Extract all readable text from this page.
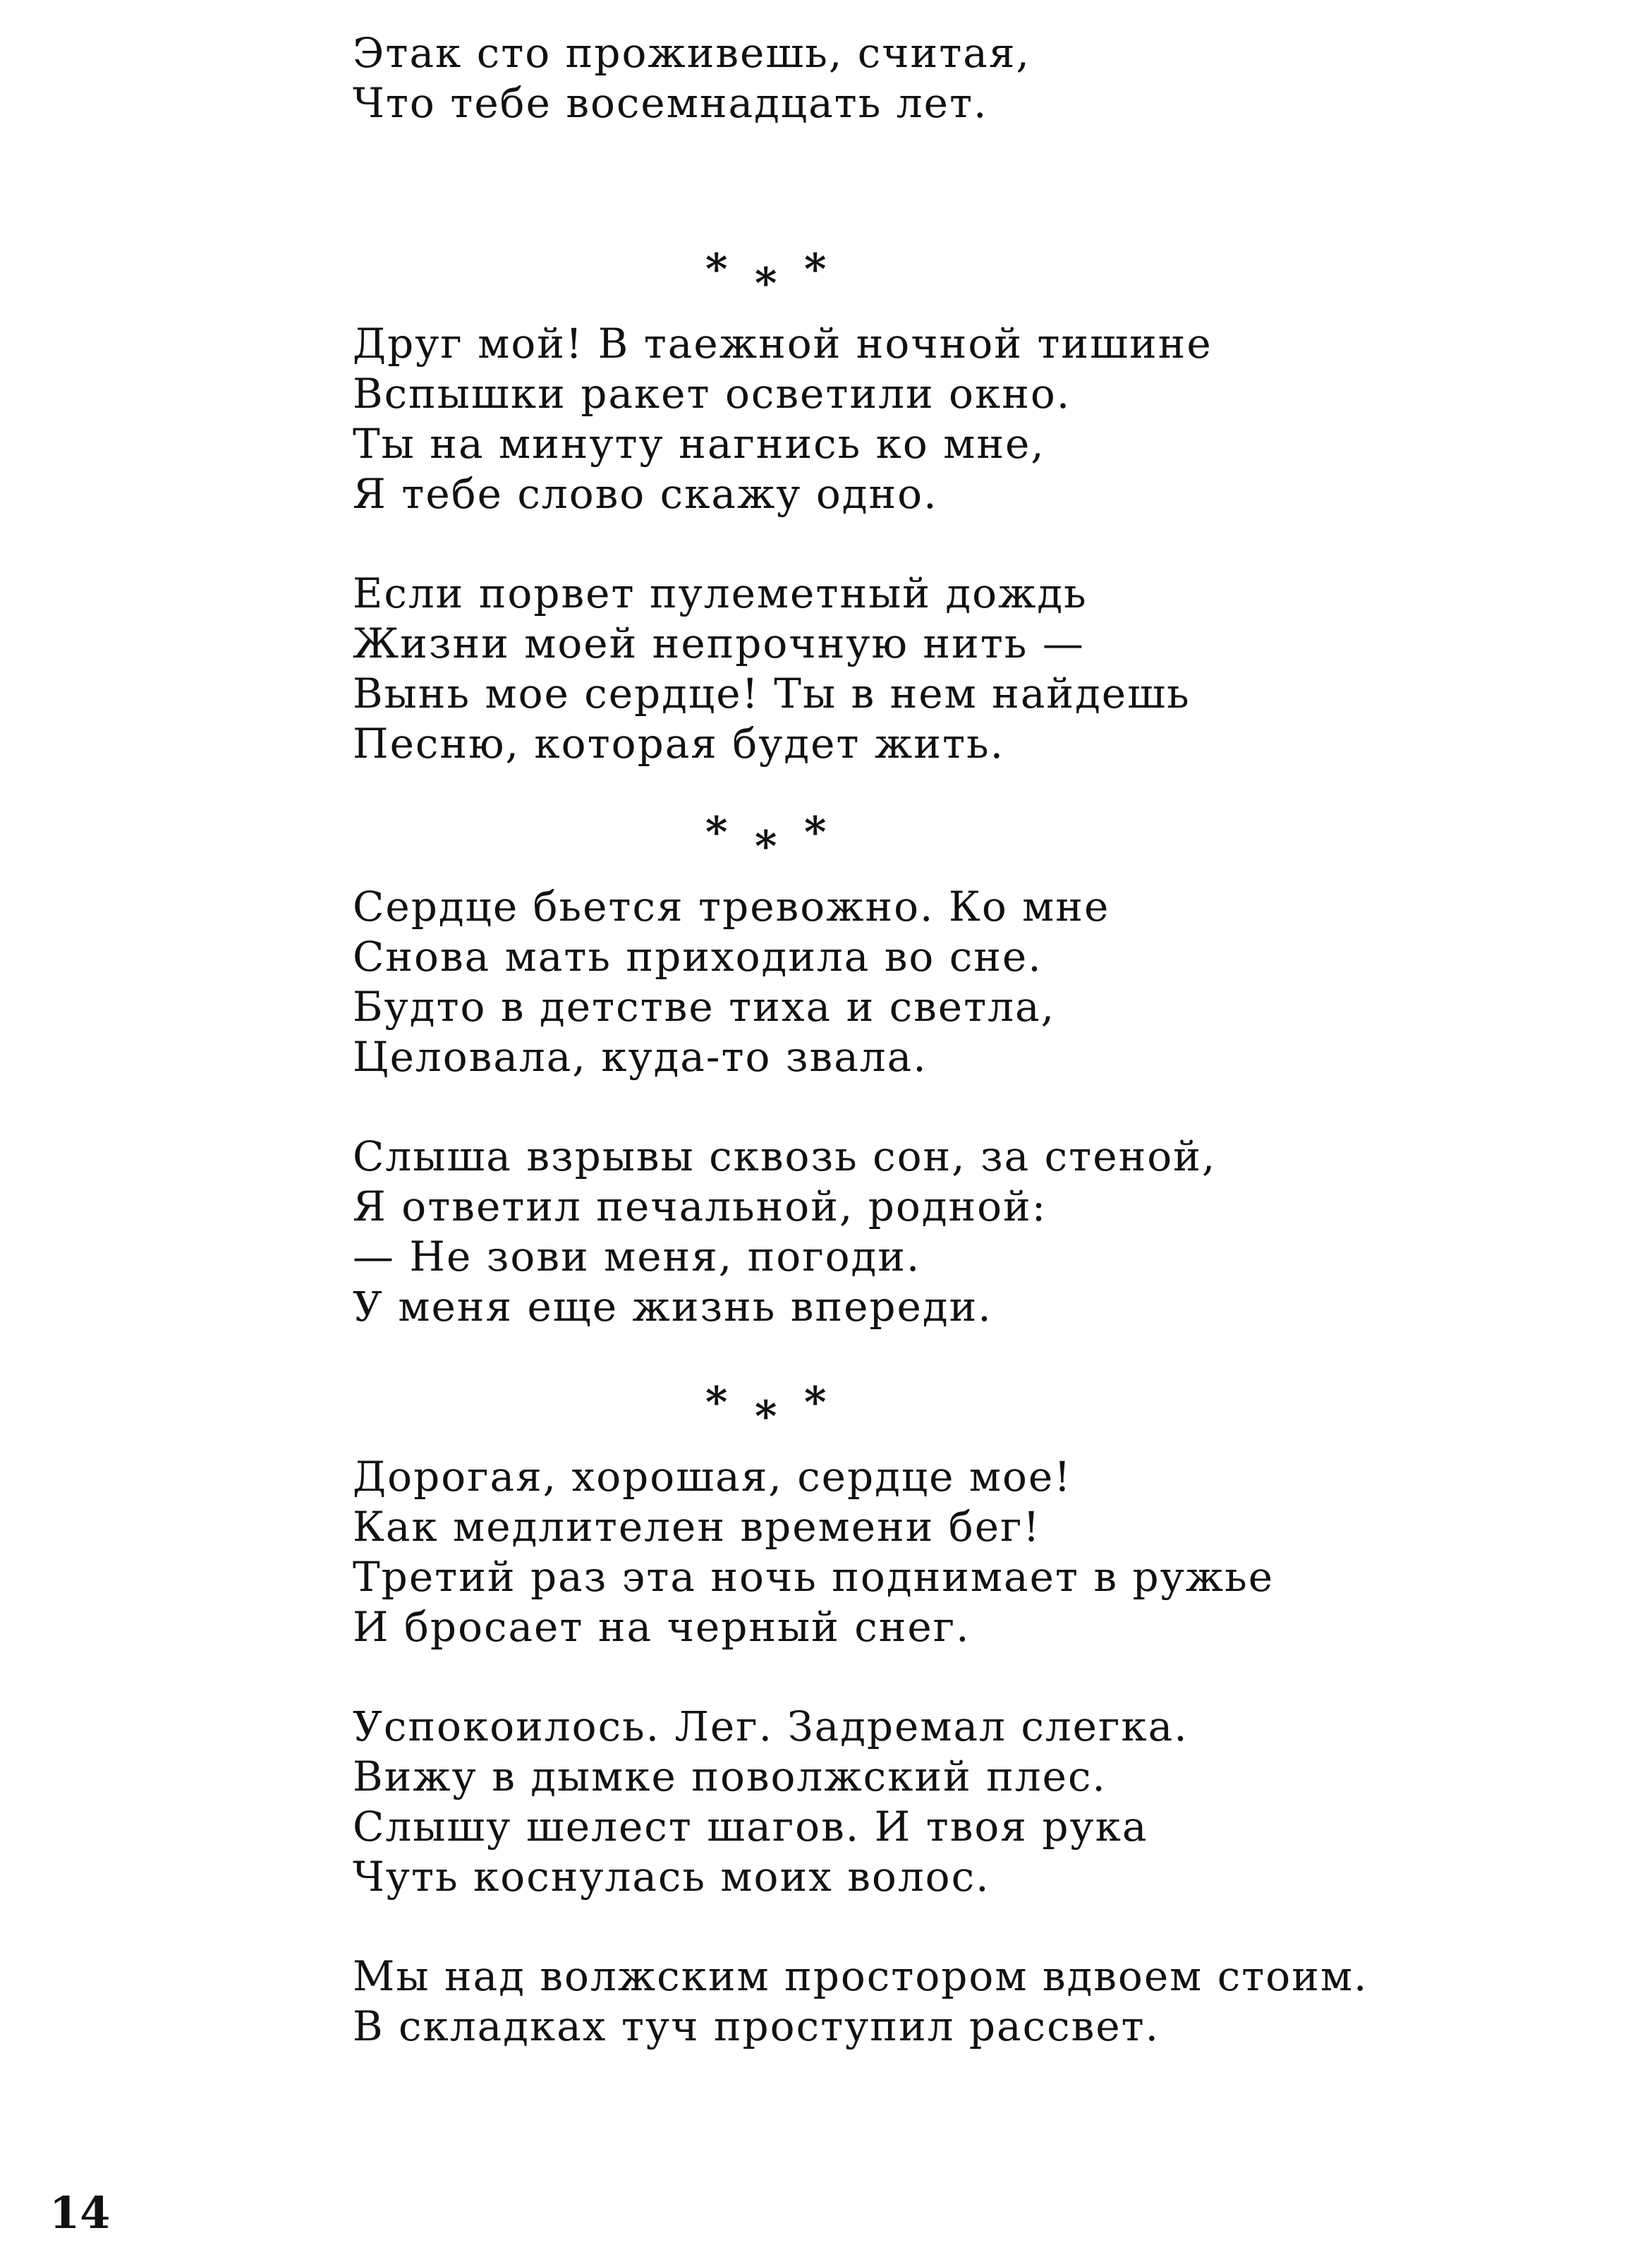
Этак сто проживешь, считая,
Что тебе восемнадцать лет.
* * *
Друг мой! В таежной ночной тишине
Вспышки ракет осветили окно.
Ты на минуту нагнись ко мне,
Я тебе слово скажу одно.
Если порвет пулеметный дождь
Жизни моей непрочную нить —
Вынь мое сердце! Ты в нем найдешь
Песню, которая будет жить.
* * *
Сердце бьется тревожно. Ко мне
Снова мать приходила во сне.
Будто в детстве тиха и светла,
Целовала, куда-то звала.
Слыша взрывы сквозь сон, за стеной,
Я ответил печальной, родной:
— Не зови меня, погоди.
У меня еще жизнь впереди.
* * *
Дорогая, хорошая, сердце мое!
Как медлителен времени бег!
Третий раз эта ночь поднимает в ружье
И бросает на черный снег.
Успокоилось. Лег. Задремал слегка.
Вижу в дымке поволжский плес.
Слышу шелест шагов. И твоя рука
Чуть коснулась моих волос.
Мы над волжским простором вдвоем стоим.
В складках туч проступил рассвет.
14
